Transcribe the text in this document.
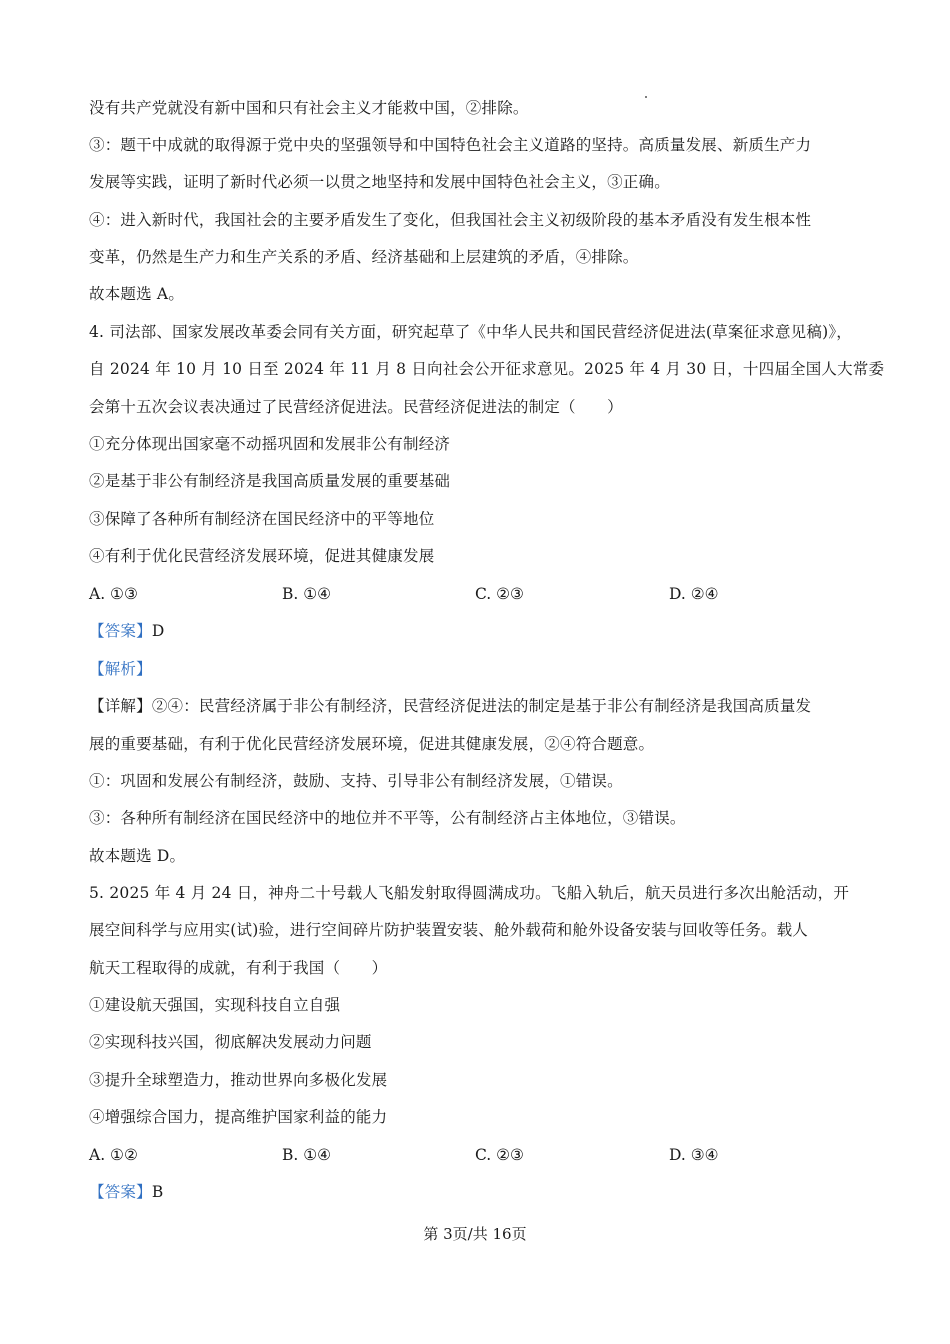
没有共产党就没有新中国和只有社会主义才能救中国，②排除。
③：题干中成就的取得源于党中央的坚强领导和中国特色社会主义道路的坚持。高质量发展、新质生产力
发展等实践，证明了新时代必须一以贯之地坚持和发展中国特色社会主义，③正确。
④：进入新时代，我国社会的主要矛盾发生了变化，但我国社会主义初级阶段的基本矛盾没有发生根本性
变革，仍然是生产力和生产关系的矛盾、经济基础和上层建筑的矛盾，④排除。
故本题选 A。
4. 司法部、国家发展改革委会同有关方面，研究起草了《中华人民共和国民营经济促进法(草案征求意见稿)》，
自 2024 年 10 月 10 日至 2024 年 11 月 8 日向社会公开征求意见。2025 年 4 月 30 日，十四届全国人大常委
会第十五次会议表决通过了民营经济促进法。民营经济促进法的制定（　　）
①充分体现出国家毫不动摇巩固和发展非公有制经济
②是基于非公有制经济是我国高质量发展的重要基础
③保障了各种所有制经济在国民经济中的平等地位
④有利于优化民营经济发展环境，促进其健康发展
A. ①③	B. ①④	C. ②③	D. ②④
【答案】D
【解析】
【详解】②④：民营经济属于非公有制经济，民营经济促进法的制定是基于非公有制经济是我国高质量发
展的重要基础，有利于优化民营经济发展环境，促进其健康发展，②④符合题意。
①：巩固和发展公有制经济，鼓励、支持、引导非公有制经济发展，①错误。
③：各种所有制经济在国民经济中的地位并不平等，公有制经济占主体地位，③错误。
故本题选 D。
5. 2025 年 4 月 24 日，神舟二十号载人飞船发射取得圆满成功。飞船入轨后，航天员进行多次出舱活动，开
展空间科学与应用实(试)验，进行空间碎片防护装置安装、舱外载荷和舱外设备安装与回收等任务。载人
航天工程取得的成就，有利于我国（　　）
①建设航天强国，实现科技自立自强
②实现科技兴国，彻底解决发展动力问题
③提升全球塑造力，推动世界向多极化发展
④增强综合国力，提高维护国家利益的能力
A. ①②	B. ①④	C. ②③	D. ③④
【答案】B
第 3页/共 16页
